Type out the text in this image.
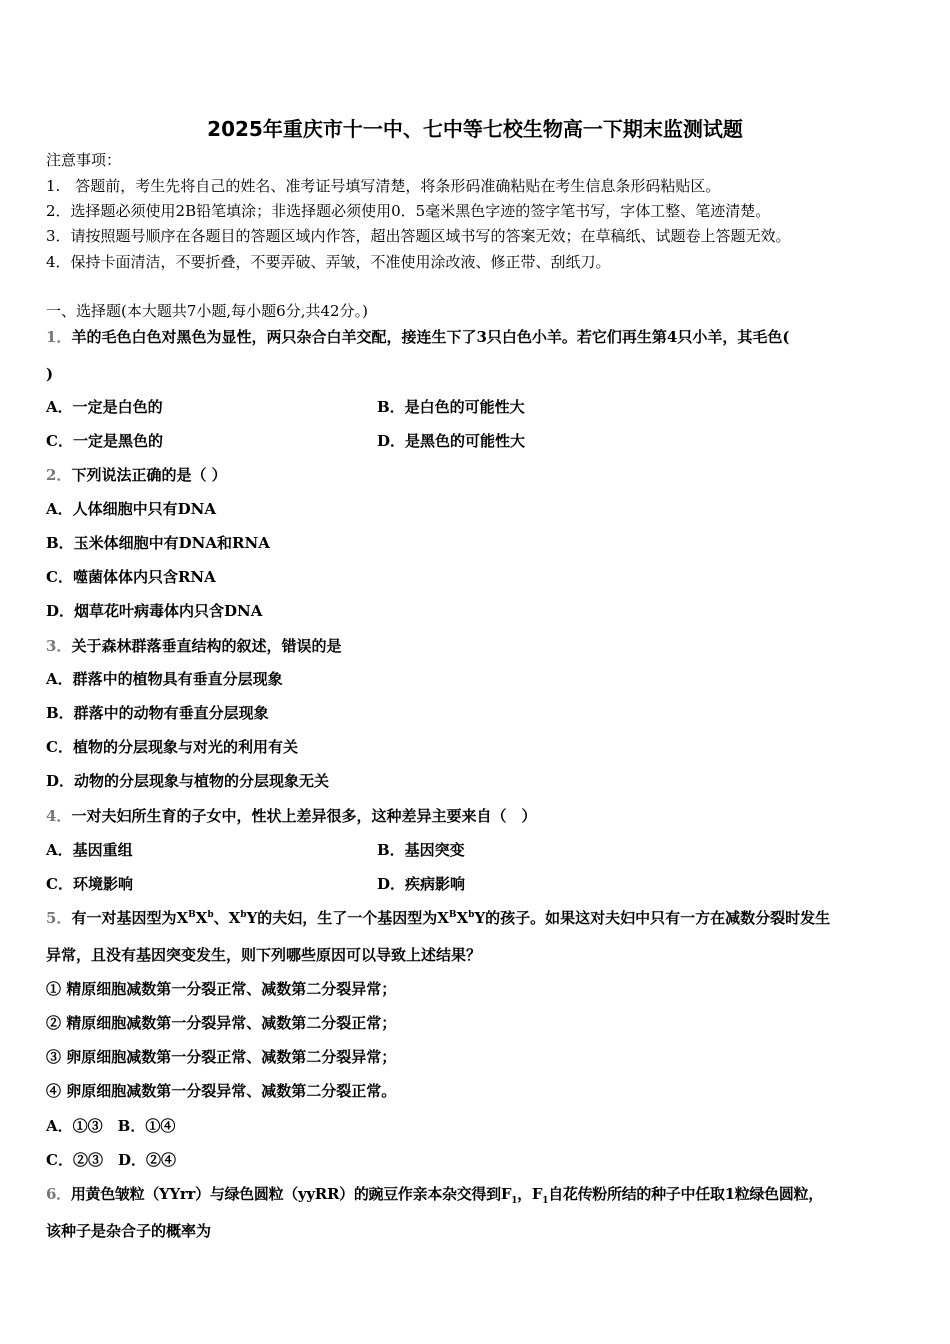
2025年重庆市十一中、七中等七校生物高一下期末监测试题
注意事项：
1.　答题前，考生先将自己的姓名、准考证号填写清楚，将条形码准确粘贴在考生信息条形码粘贴区。
2．选择题必须使用2B铅笔填涂；非选择题必须使用0．5毫米黑色字迹的签字笔书写，字体工整、笔迹清楚。
3．请按照题号顺序在各题目的答题区域内作答，超出答题区域书写的答案无效；在草稿纸、试题卷上答题无效。
4．保持卡面清洁，不要折叠，不要弄破、弄皱，不准使用涂改液、修正带、刮纸刀。
一、选择题(本大题共7小题,每小题6分,共42分。)
1．羊的毛色白色对黑色为显性，两只杂合白羊交配，接连生下了3只白色小羊。若它们再生第4只小羊，其毛色(
)
A．一定是白色的	B．是白色的可能性大
C．一定是黑色的	D．是黑色的可能性大
2．下列说法正确的是（ ）
A．人体细胞中只有DNA
B．玉米体细胞中有DNA和RNA
C．噬菌体体内只含RNA
D．烟草花叶病毒体内只含DNA
3．关于森林群落垂直结构的叙述，错误的是
A．群落中的植物具有垂直分层现象
B．群落中的动物有垂直分层现象
C．植物的分层现象与对光的利用有关
D．动物的分层现象与植物的分层现象无关
4．一对夫妇所生育的子女中，性状上差异很多，这种差异主要来自（　）
A．基因重组	B．基因突变
C．环境影响	D．疾病影响
5．有一对基因型为$X^BX^b$、$X^bY$的夫妇，生了一个基因型为$X^BX^bY$的孩子。如果这对夫妇中只有一方在减数分裂时发生
异常，且没有基因突变发生，则下列哪些原因可以导致上述结果？
① 精原细胞减数第一分裂正常、减数第二分裂异常；
② 精原细胞减数第一分裂异常、减数第二分裂正常；
③ 卵原细胞减数第一分裂正常、减数第二分裂异常；
④ 卵原细胞减数第一分裂异常、减数第二分裂正常。
A．①③　B．①④
C．②③　D．②④
6．用黄色皱粒（YYrr）与绿色圆粒（yyRR）的豌豆作亲本杂交得到$F_1$，$F_1$自花传粉所结的种子中任取1粒绿色圆粒，
该种子是杂合子的概率为
